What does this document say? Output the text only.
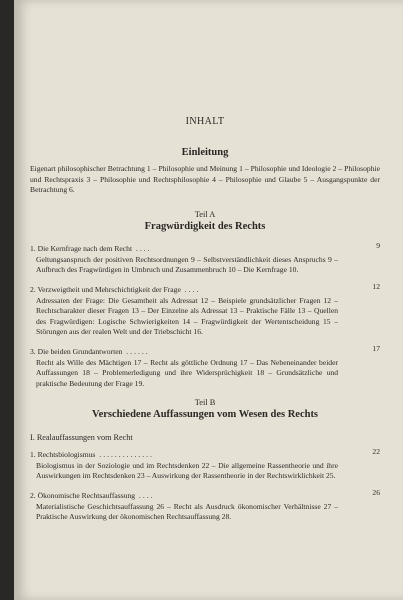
INHALT
Einleitung
Eigenart philosophischer Betrachtung 1 – Philosophie und Meinung 1 – Philosophie und Ideologie 2 – Philosophie und Rechtspraxis 3 – Philosophie und Rechtsphilosophie 4 – Philosophie und Glaube 5 – Ausgangspunkte der Betrachtung 6.
Teil A
Fragwürdigkeit des Rechts
1. Die Kernfrage nach dem Recht ....	9
Geltungsanspruch der positiven Rechtsordnungen 9 – Selbstverständlichkeit dieses Anspruchs 9 – Aufbruch des Fragwürdigen in Umbruch und Zusammenbruch 10 – Die Kernfrage 10.
2. Verzweigtheit und Mehrschichtigkeit der Frage ....	12
Adressaten der Frage: Die Gesamtheit als Adressat 12 – Beispiele grundsätzlicher Fragen 12 – Rechtscharakter dieser Fragen 13 – Der Einzelne als Adressat 13 – Praktische Fälle 13 – Quellen des Fragwürdigen: Logische Schwierigkeiten 14 – Fragwürdigkeit der Wertentscheidung 15 – Störungen aus der realen Welt und der Triebschicht 16.
3. Die beiden Grundantworten ......	17
Recht als Wille des Mächtigen 17 – Recht als göttliche Ordnung 17 – Das Nebeneinander beider Auffassungen 18 – Problemerledigung und ihre Widersprüchigkeit 18 – Grundsätzliche und praktische Bedeutung der Frage 19.
Teil B
Verschiedene Auffassungen vom Wesen des Rechts
I. Realauffassungen vom Recht
1. Rechtsbiologismus ..............	22
Biologismus in der Soziologie und im Rechtsdenken 22 – Die allgemeine Rassentheorie und ihre Auswirkungen im Rechtsdenken 23 – Auswirkung der Rassentheorie in der Rechtswirklichkeit 25.
2. Ökonomische Rechtsauffassung ....	26
Materialistische Geschichtsauffassung 26 – Recht als Ausdruck ökonomischer Verhältnisse 27 – Praktische Auswirkung der ökonomischen Rechtsauffassung 28.
